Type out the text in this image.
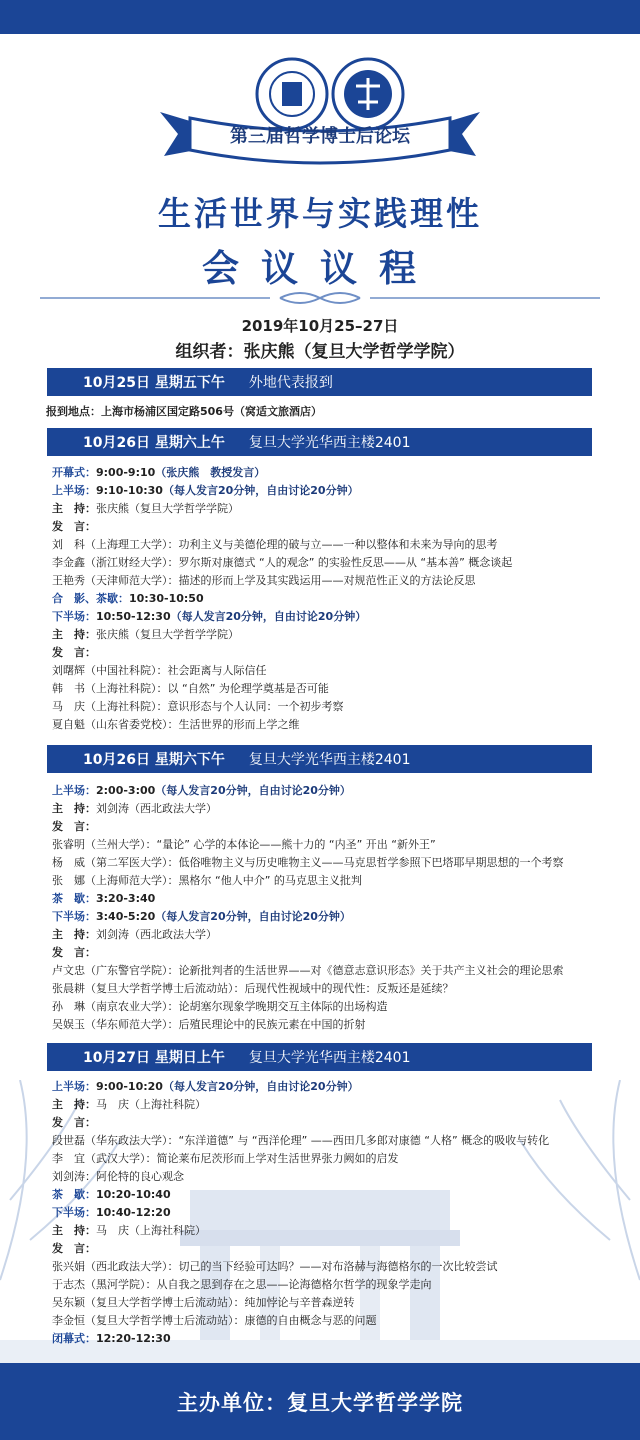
第三届哲学博士后论坛
生活世界与实践理性
会议议程
2019年10月25–27日
组织者：张庆熊（复旦大学哲学学院）
10月25日 星期五下午 外地代表报到
报到地点：上海市杨浦区国定路506号（窝适文旅酒店）
10月26日 星期六上午 复旦大学光华西主楼2401
开幕式：9:00-9:10（张庆熊　教授发言）
上半场：9:10-10:30（每人发言20分钟，自由讨论20分钟）
主　持：张庆熊（复旦大学哲学学院）
发　言：
刘　科（上海理工大学）：功利主义与美德伦理的破与立——一种以整体和未来为导向的思考
李金鑫（浙江财经大学）：罗尔斯对康德式 “人的观念” 的实验性反思——从 “基本善” 概念谈起
王艳秀（天津师范大学）：描述的形而上学及其实践运用——对规范性正义的方法论反思
合　影、茶歇：10:30-10:50
下半场：10:50-12:30（每人发言20分钟，自由讨论20分钟）
主　持：张庆熊（复旦大学哲学学院）
发　言：
刘曙辉（中国社科院）：社会距离与人际信任
韩　书（上海社科院）：以 “自然” 为伦理学奠基是否可能
马　庆（上海社科院）：意识形态与个人认同：一个初步考察
夏自魁（山东省委党校）：生活世界的形而上学之维
10月26日 星期六下午 复旦大学光华西主楼2401
上半场：2:00-3:00（每人发言20分钟，自由讨论20分钟）
主　持：刘剑涛（西北政法大学）
发　言：
张睿明（兰州大学）：“量论” 心学的本体论——熊十力的 “内圣” 开出 “新外王”
杨　威（第二军医大学）：低俗唯物主义与历史唯物主义——马克思哲学参照下巴塔耶早期思想的一个考察
张　娜（上海师范大学）：黑格尔 “他人中介” 的马克思主义批判
茶　歇：3:20-3:40
下半场：3:40-5:20（每人发言20分钟，自由讨论20分钟）
主　持：刘剑涛（西北政法大学）
发　言：
卢文忠（广东警官学院）：论新批判者的生活世界——对《德意志意识形态》关于共产主义社会的理论思索
张晨耕（复旦大学哲学博士后流动站）：后现代性视域中的现代性：反叛还是延续？
孙　琳（南京农业大学）：论胡塞尔现象学晚期交互主体际的出场构造
吴娱玉（华东师范大学）：后殖民理论中的民族元素在中国的折射
10月27日 星期日上午 复旦大学光华西主楼2401
上半场：9:00-10:20（每人发言20分钟，自由讨论20分钟）
主　持：马　庆（上海社科院）
发　言：
段世磊（华东政法大学）：“东洋道德” 与 “西洋伦理” ——西田几多郎对康德 “人格” 概念的吸收与转化
李　宜（武汉大学）：简论莱布尼茨形而上学对生活世界张力阙如的启发
刘剑涛：阿伦特的良心观念
茶　歇：10:20-10:40
下半场：10:40-12:20
主　持：马　庆（上海社科院）
发　言：
张兴娟（西北政法大学）：切己的当下经验可达吗？——对布洛赫与海德格尔的一次比较尝试
于志杰（黑河学院）：从自我之思到存在之思——论海德格尔哲学的现象学走向
吴东颖（复旦大学哲学博士后流动站）：纯加悖论与辛普森逆转
李金恒（复旦大学哲学博士后流动站）：康德的自由概念与恶的问题
闭幕式：12:20-12:30
主办单位：复旦大学哲学学院
